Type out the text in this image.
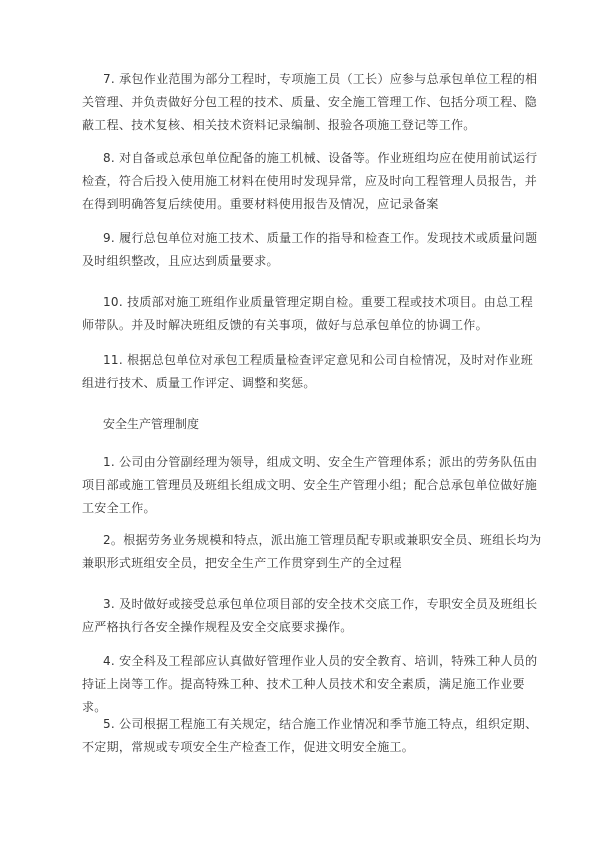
7. 承包作业范围为部分工程时，专项施工员（工长）应参与总承包单位工程的相关管理、并负责做好分包工程的技术、质量、安全施工管理工作、包括分项工程、隐蔽工程、技术复核、相关技术资料记录编制、报验各项施工登记等工作。

8. 对自备或总承包单位配备的施工机械、设备等。作业班组均应在使用前试运行检查，符合后投入使用施工材料在使用时发现异常，应及时向工程管理人员报告，并在得到明确答复后续使用。重要材料使用报告及情况，应记录备案

9. 履行总包单位对施工技术、质量工作的指导和检查工作。发现技术或质量问题及时组织整改，且应达到质量要求。

10. 技质部对施工班组作业质量管理定期自检。重要工程或技术项目。由总工程师带队。并及时解决班组反馈的有关事项，做好与总承包单位的协调工作。

11. 根据总包单位对承包工程质量检查评定意见和公司自检情况，及时对作业班组进行技术、质量工作评定、调整和奖惩。

安全生产管理制度

1. 公司由分管副经理为领导，组成文明、安全生产管理体系；派出的劳务队伍由项目部或施工管理员及班组长组成文明、安全生产管理小组；配合总承包单位做好施工安全工作。

2。根据劳务业务规模和特点，派出施工管理员配专职或兼职安全员、班组长均为兼职形式班组安全员，把安全生产工作贯穿到生产的全过程

3. 及时做好或接受总承包单位项目部的安全技术交底工作，专职安全员及班组长应严格执行各安全操作规程及安全交底要求操作。

4. 安全科及工程部应认真做好管理作业人员的安全教育、培训，特殊工种人员的持证上岗等工作。提高特殊工种、技术工种人员技术和安全素质，满足施工作业要求。

5. 公司根据工程施工有关规定，结合施工作业情况和季节施工特点，组织定期、不定期，常规或专项安全生产检查工作，促进文明安全施工。
